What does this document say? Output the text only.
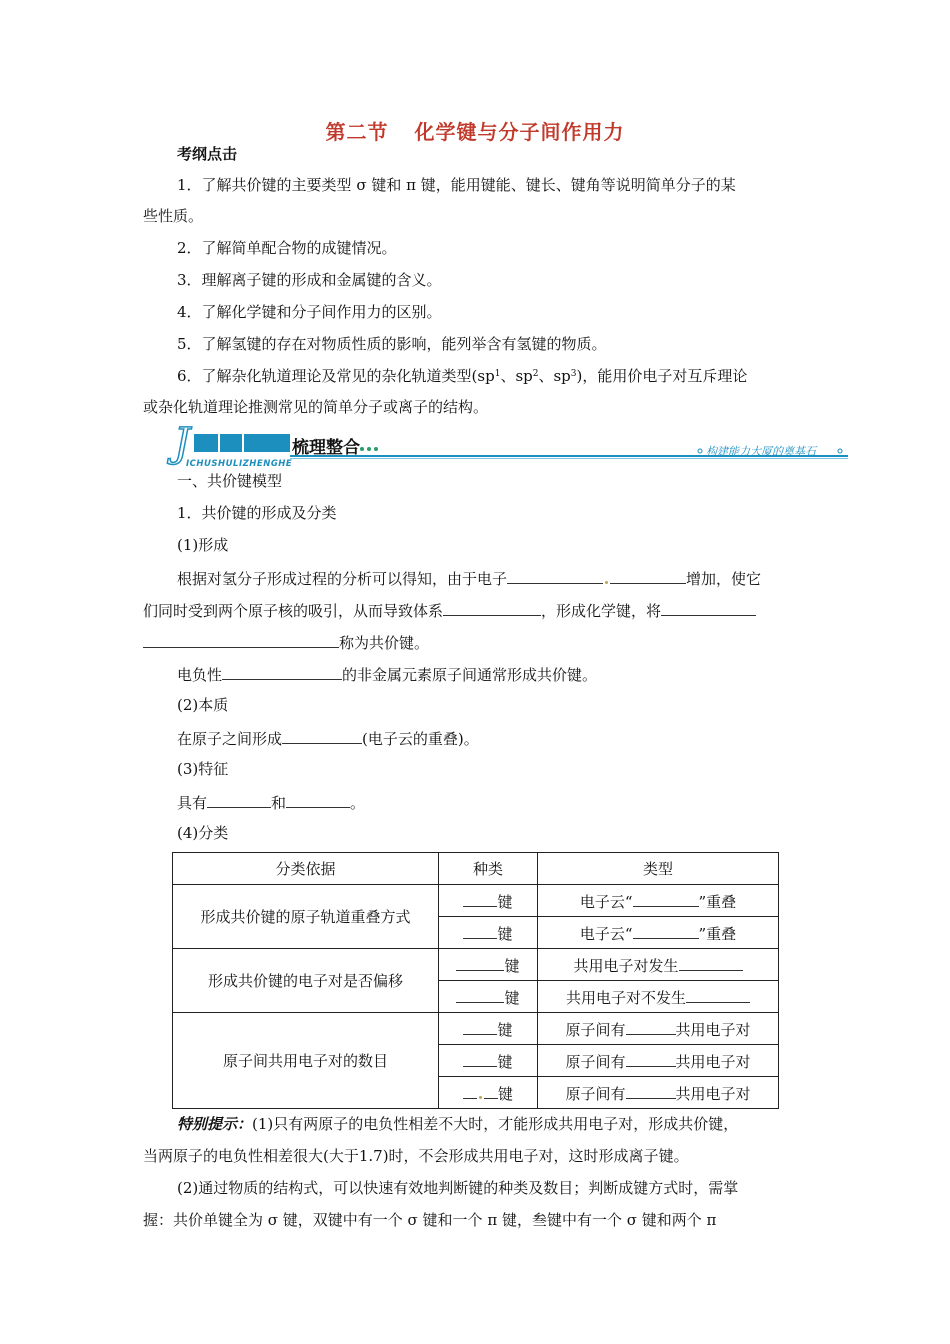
第二节 化学键与分子间作用力
考纲点击
1．了解共价键的主要类型 σ 键和 π 键，能用键能、键长、键角等说明简单分子的某
些性质。
2．了解简单配合物的成键情况。
3．理解离子键的形成和金属键的含义。
4．了解化学键和分子间作用力的区别。
5．了解氢键的存在对物质性质的影响，能列举含有氢键的物质。
6．了解杂化轨道理论及常见的杂化轨道类型($sp^1$、$sp^2$、$sp^3$)，能用价电子对互斥理论
或杂化轨道理论推测常见的简单分子或离子的结构。
J	梳理整合
ICHUSHULIZHENGHE
构建能力大厦的奠基石
一、共价键模型
1．共价键的形成及分类
(1)形成
根据对氢分子形成过程的分析可以得知，由于电子	增加，使它
们同时受到两个原子核的吸引，从而导致体系	，形成化学键，将
称为共价键。
电负性	的非金属元素原子间通常形成共价键。
(2)本质
在原子之间形成	(电子云的重叠)。
(3)特征
具有	和	。
(4)分类
分类依据	种类	类型
形成共价键的原子轨道重叠方式	键	电子云“ ”重叠
	键	电子云“ ”重叠
形成共价键的电子对是否偏移	键	共用电子对发生
	键	共用电子对不发生
原子间共用电子对的数目	键	原子间有 共用电子对
	键	原子间有 共用电子对
	键	原子间有 共用电子对
特别提示：(1)只有两原子的电负性相差不大时，才能形成共用电子对，形成共价键，
当两原子的电负性相差很大(大于1.7)时，不会形成共用电子对，这时形成离子键。
(2)通过物质的结构式，可以快速有效地判断键的种类及数目；判断成键方式时，需掌
握：共价单键全为 σ 键，双键中有一个 σ 键和一个 π 键，叁键中有一个 σ 键和两个 π
